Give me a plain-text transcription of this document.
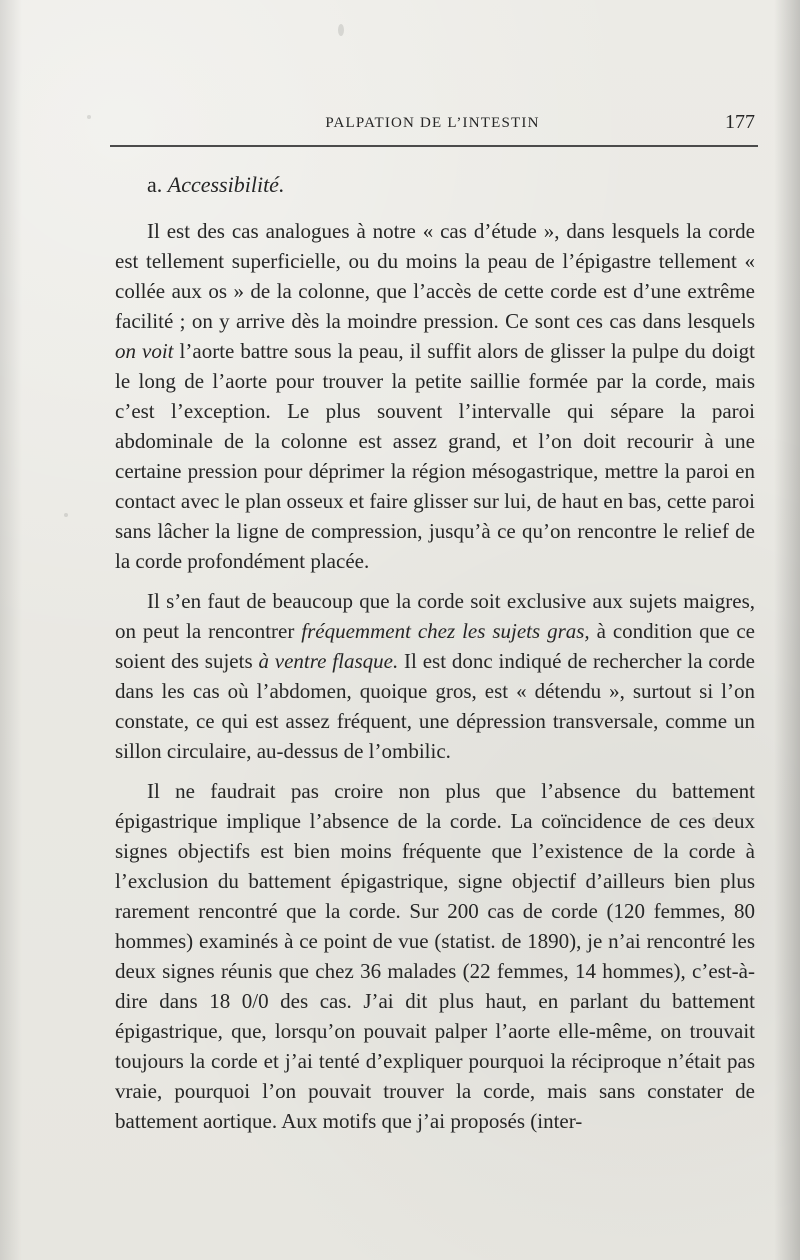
PALPATION DE L’INTESTIN	177
a. Accessibilité.

Il est des cas analogues à notre « cas d’étude », dans lesquels la corde est tellement superficielle, ou du moins la peau de l’épigastre tellement « collée aux os » de la colonne, que l’accès de cette corde est d’une extrême facilité ; on y arrive dès la moindre pression. Ce sont ces cas dans lesquels on voit l’aorte battre sous la peau, il suffit alors de glisser la pulpe du doigt le long de l’aorte pour trouver la petite saillie formée par la corde, mais c’est l’exception. Le plus souvent l’intervalle qui sépare la paroi abdominale de la colonne est assez grand, et l’on doit recourir à une certaine pression pour déprimer la région mésogastrique, mettre la paroi en contact avec le plan osseux et faire glisser sur lui, de haut en bas, cette paroi sans lâcher la ligne de compression, jusqu’à ce qu’on rencontre le relief de la corde profondément placée.

Il s’en faut de beaucoup que la corde soit exclusive aux sujets maigres, on peut la rencontrer fréquemment chez les sujets gras, à condition que ce soient des sujets à ventre flasque. Il est donc indiqué de rechercher la corde dans les cas où l’abdomen, quoique gros, est « détendu », surtout si l’on constate, ce qui est assez fréquent, une dépression transversale, comme un sillon circulaire, au-dessus de l’ombilic.

Il ne faudrait pas croire non plus que l’absence du battement épigastrique implique l’absence de la corde. La coïncidence de ces deux signes objectifs est bien moins fréquente que l’existence de la corde à l’exclusion du battement épigastrique, signe objectif d’ailleurs bien plus rarement rencontré que la corde. Sur 200 cas de corde (120 femmes, 80 hommes) examinés à ce point de vue (statist. de 1890), je n’ai rencontré les deux signes réunis que chez 36 malades (22 femmes, 14 hommes), c’est-à-dire dans 18 0/0 des cas. J’ai dit plus haut, en parlant du battement épigastrique, que, lorsqu’on pouvait palper l’aorte elle-même, on trouvait toujours la corde et j’ai tenté d’expliquer pourquoi la réciproque n’était pas vraie, pourquoi l’on pouvait trouver la corde, mais sans constater de battement aortique. Aux motifs que j’ai proposés (inter-
